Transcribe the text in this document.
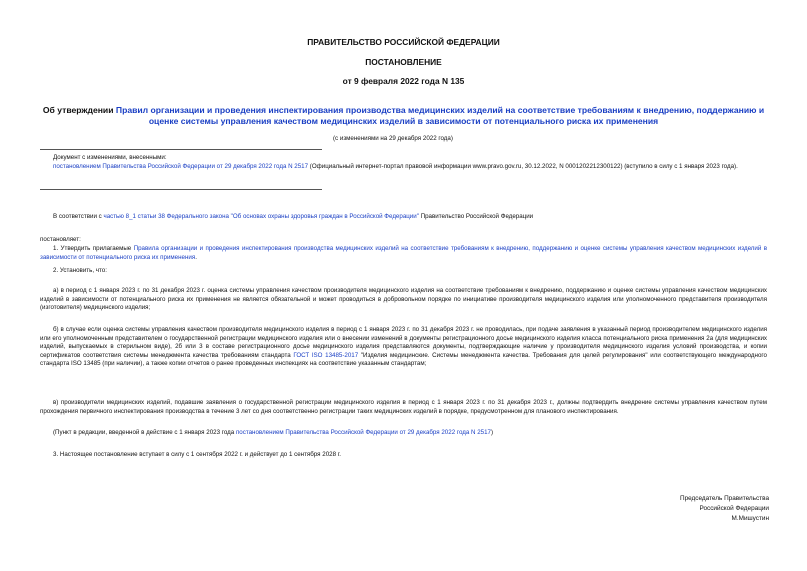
ПРАВИТЕЛЬСТВО РОССИЙСКОЙ ФЕДЕРАЦИИ
ПОСТАНОВЛЕНИЕ
от 9 февраля 2022 года N 135
Об утверждении Правил организации и проведения инспектирования производства медицинских изделий на соответствие требованиям к внедрению, поддержанию и оценке системы управления качеством медицинских изделий в зависимости от потенциального риска их применения
(с изменениями на 29 декабря 2022 года)
Документ с изменениями, внесенными:
постановлением Правительства Российской Федерации от 29 декабря 2022 года N 2517 (Официальный интернет-портал правовой информации www.pravo.gov.ru, 30.12.2022, N 0001202212300122) (вступило в силу с 1 января 2023 года).
В соответствии с частью 8_1 статьи 38 Федерального закона "Об основах охраны здоровья граждан в Российской Федерации" Правительство Российской Федерации
постановляет:
1. Утвердить прилагаемые Правила организации и проведения инспектирования производства медицинских изделий на соответствие требованиям к внедрению, поддержанию и оценке системы управления качеством медицинских изделий в зависимости от потенциального риска их применения.
2. Установить, что:
а) в период с 1 января 2023 г. по 31 декабря 2023 г. оценка системы управления качеством производителя медицинского изделия на соответствие требованиям к внедрению, поддержанию и оценке системы управления качеством медицинских изделий в зависимости от потенциального риска их применения не является обязательной и может проводиться в добровольном порядке по инициативе производителя медицинского изделия или уполномоченного представителя производителя (изготовителя) медицинского изделия;
б) в случае если оценка системы управления качеством производителя медицинского изделия в период с 1 января 2023 г. по 31 декабря 2023 г. не проводилась, при подаче заявления в указанный период производителем медицинского изделия или его уполномоченным представителем о государственной регистрации медицинского изделия или о внесении изменений в документы регистрационного досье медицинского изделия класса потенциального риска применения 2а (для медицинских изделий, выпускаемых в стерильном виде), 2б или 3 в составе регистрационного досье медицинского изделия представляются документы, подтверждающие наличие у производителя медицинского изделия условий производства, и копии сертификатов соответствия системы менеджмента качества требованиям стандарта ГОСТ ISO 13485-2017 "Изделия медицинские. Системы менеджмента качества. Требования для целей регулирования" или соответствующего международного стандарта ISO 13485 (при наличии), а также копии отчетов о ранее проведенных инспекциях на соответствие указанным стандартам;
в) производители медицинских изделий, подавшие заявления о государственной регистрации медицинского изделия в период с 1 января 2023 г. по 31 декабря 2023 г., должны подтвердить внедрение системы управления качеством путем прохождения первичного инспектирования производства в течение 3 лет со дня соответственно регистрации таких медицинских изделий в порядке, предусмотренном для планового инспектирования.
(Пункт в редакции, введенной в действие с 1 января 2023 года постановлением Правительства Российской Федерации от 29 декабря 2022 года N 2517)
3. Настоящее постановление вступает в силу с 1 сентября 2022 г. и действует до 1 сентября 2028 г.
Председатель Правительства
Российской Федерации
М.Мишустин
